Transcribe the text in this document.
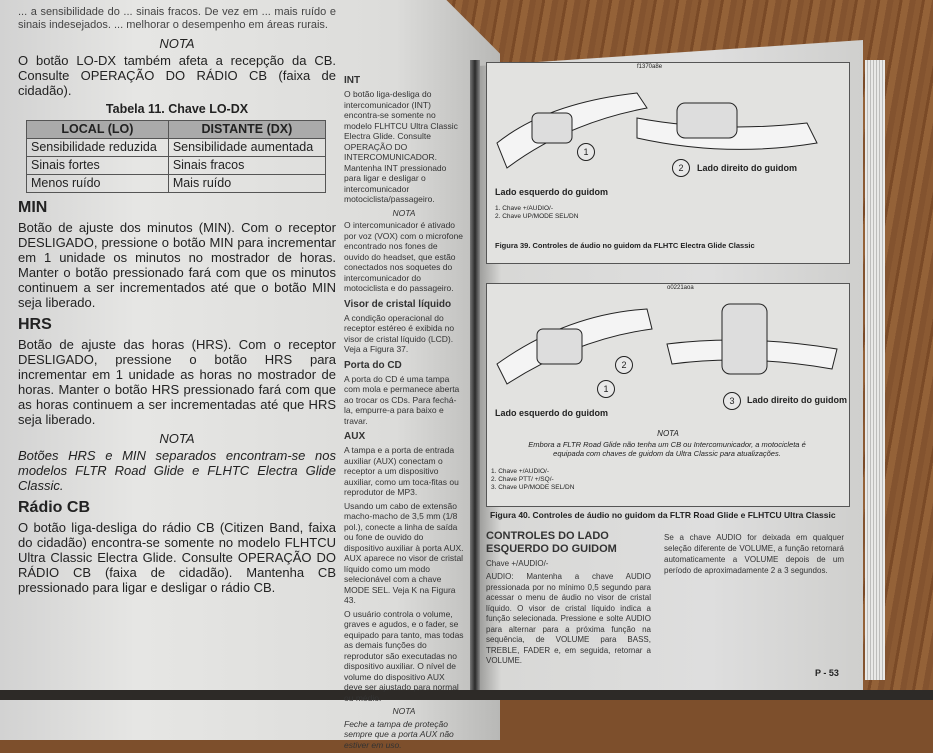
... a sensibilidade do ... sinais fracos. De vez em ... mais ruído e sinais indesejados. ... melhorar o desempenho em áreas rurais.

NOTA

O botão LO-DX também afeta a recepção da CB. Consulte OPERAÇÃO DO RÁDIO CB (faixa de cidadão).

Tabela 11. Chave LO-DX
LOCAL (LO)	DISTANTE (DX)
Sensibilidade reduzida	Sensibilidade aumentada
Sinais fortes	Sinais fracos
Menos ruído	Mais ruído
MIN

Botão de ajuste dos minutos (MIN). Com o receptor DESLIGADO, pressione o botão MIN para incrementar em 1 unidade os minutos no mostrador de horas. Manter o botão pressionado fará com que os minutos continuem a ser incrementados até que o botão MIN seja liberado.

HRS

Botão de ajuste das horas (HRS). Com o receptor DESLIGADO, pressione o botão HRS para incrementar em 1 unidade as horas no mostrador de horas. Manter o botão HRS pressionado fará com que as horas continuem a ser incrementadas até que HRS seja liberado.

NOTA

Botões HRS e MIN separados encontram-se nos modelos FLTR Road Glide e FLHTC Electra Glide Classic.

Rádio CB

O botão liga-desliga do rádio CB (Citizen Band, faixa do cidadão) encontra-se somente no modelo FLHTCU Ultra Classic Electra Glide. Consulte OPERAÇÃO DO RÁDIO CB (faixa de cidadão). Mantenha CB pressionado para ligar e desligar o rádio CB.

INT

O botão liga-desliga do intercomunicador (INT) encontra-se somente no modelo FLHTCU Ultra Classic Electra Glide. Consulte OPERAÇÃO DO INTERCOMUNICADOR. Mantenha INT pressionado para ligar e desligar o intercomunicador motociclista/passageiro.

NOTA

O intercomunicador é ativado por voz (VOX) com o microfone encontrado nos fones de ouvido do headset, que estão conectados nos soquetes do intercomunicador do motociclista e do passageiro.

Visor de cristal líquido

A condição operacional do receptor estéreo é exibida no visor de cristal líquido (LCD). Veja a Figura 37.

Porta do CD

A porta do CD é uma tampa com mola e permanece aberta ao trocar os CDs. Para fechá-la, empurre-a para baixo e travar.

AUX

A tampa e a porta de entrada auxiliar (AUX) conectam o receptor a um dispositivo auxiliar, como um toca-fitas ou reprodutor de MP3.

Usando um cabo de extensão macho-macho de 3,5 mm (1/8 pol.), conecte a linha de saída ou fone de ouvido do dispositivo auxiliar à porta AUX. AUX aparece no visor de cristal líquido como um modo selecionável com a chave MODE SEL. Veja K na Figura 43.

O usuário controla o volume, graves e agudos, e o fader, se equipado para tanto, mas todas as demais funções do reprodutor são executadas no dispositivo auxiliar. O nível de volume do dispositivo AUX deve ser ajustado para normal ou médio.

NOTA

Feche a tampa de proteção sempre que a porta AUX não estiver em uso.

f1370a8e
1
2	Lado direito do guidom
Lado esquerdo do guidom
1. Chave +/AUDIO/-
2. Chave UP/MODE SEL/DN
Figura 39. Controles de áudio no guidom da FLHTC Electra Glide Classic
o0221aoa
2
1
3	Lado direito do guidom
Lado esquerdo do guidom
NOTA
Embora a FLTR Road Glide não tenha um CB ou Intercomunicador, a motocicleta é equipada com chaves de guidom da Ultra Classic para atualizações.
1. Chave +/AUDIO/-
2. Chave PTT/ +/SQ/-
3. Chave UP/MODE SEL/DN
Figura 40. Controles de áudio no guidom da FLTR Road Glide e FLHTCU Ultra Classic
CONTROLES DO LADO ESQUERDO DO GUIDOM
Chave +/AUDIO/-
AUDIO: Mantenha a chave AUDIO pressionada por no mínimo 0,5 segundo para acessar o menu de áudio no visor de cristal líquido. O visor de cristal líquido indica a função selecionada. Pressione e solte AUDIO para alternar para a próxima função na sequência, de VOLUME para BASS, TREBLE, FADER e, em seguida, retornar a VOLUME.
Se a chave AUDIO for deixada em qualquer seleção diferente de VOLUME, a função retornará automaticamente a VOLUME depois de um período de aproximadamente 2 a 3 segundos.
P - 53
